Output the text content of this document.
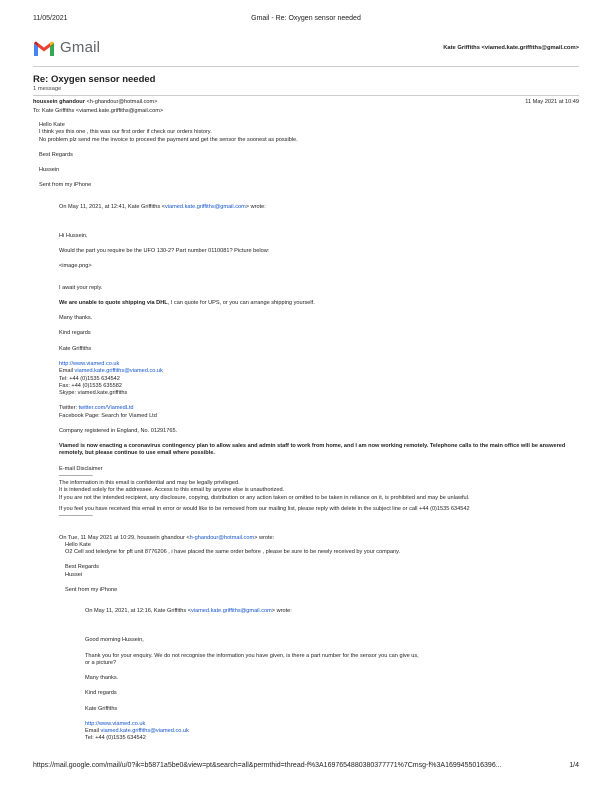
11/05/2021	Gmail - Re: Oxygen sensor needed
Gmail	Kate Griffiths <viamed.kate.griffiths@gmail.com>
Re: Oxygen sensor needed
1 message
houssein ghandour <h-ghandour@hotmail.com>
To: Kate Griffiths <viamed.kate.griffiths@gmail.com>
11 May 2021 at 10:49

Hello Kate

I think yes this one , this was our first order if check our orders history.

No problem plz send me the invoice to proceed the payment and get the sensor the soonest as possible.

Best Regards

Hussein

Sent from my iPhone

On May 11, 2021, at 12:41, Kate Griffiths <viamed.kate.griffiths@gmail.com> wrote:

Hi Hussein,

Would the part you require be the UFO 130-2? Part number 0110081? Picture below:

<image.png>

I await your reply.

We are unable to quote shipping via DHL, I can quote for UPS, or you can arrange shipping yourself.

Many thanks.

Kind regards

Kate Griffiths

http://www.viamed.co.uk

Email viamed.kate.griffiths@viamed.co.uk

Tel: +44 (0)1535 634542

Fax: +44 (0)1535 635582

Skype: viamed.kate.griffiths

Twitter: twitter.com/ViamedLtd

Facebook Page: Search for Viamed Ltd

Company registered in England, No. 01291765.

Viamed is now enacting a coronavirus contingency plan to allow sales and admin staff to work from home, and I am now working remotely. Telephone calls to the main office will be answered remotely, but please continue to use email where possible.

E-mail Disclaimer

——————

The information in this email is confidential and may be legally privileged.

It is intended solely for the addressee. Access to this email by anyone else is unauthorized.

If you are not the intended recipient, any disclosure, copying, distribution or any action taken or omitted to be taken in reliance on it, is prohibited and may be unlawful.

If you feel you have received this email in error or would like to be removed from our mailing list, please reply with delete in the subject line or call +44 (0)1535 634542

——————

On Tue, 11 May 2021 at 10:29, houssein ghandour <h-ghandour@hotmail.com> wrote:

Hello Kate

O2 Cell sod teledyne for pft unit 8776206 , i have placed the same order before , please be sure to be newly received by your company.

Best Regards

Hussei

Sent from my iPhone

On May 11, 2021, at 12:16, Kate Griffiths <viamed.kate.griffiths@gmail.com> wrote:

Good morning Hussein,

Thank you for your enquiry. We do not recognise the information you have given, is there a part number for the sensor you can give us,

or a picture?

Many thanks.

Kind regards

Kate Griffiths

http://www.viamed.co.uk

Email viamed.kate.griffiths@viamed.co.uk

Tel: +44 (0)1535 634542

https://mail.google.com/mail/u/0?ik=b5871a5be0&view=pt&search=all&permthid=thread-f%3A1697654880380377771%7Cmsg-f%3A16994550163​96...	1/4
